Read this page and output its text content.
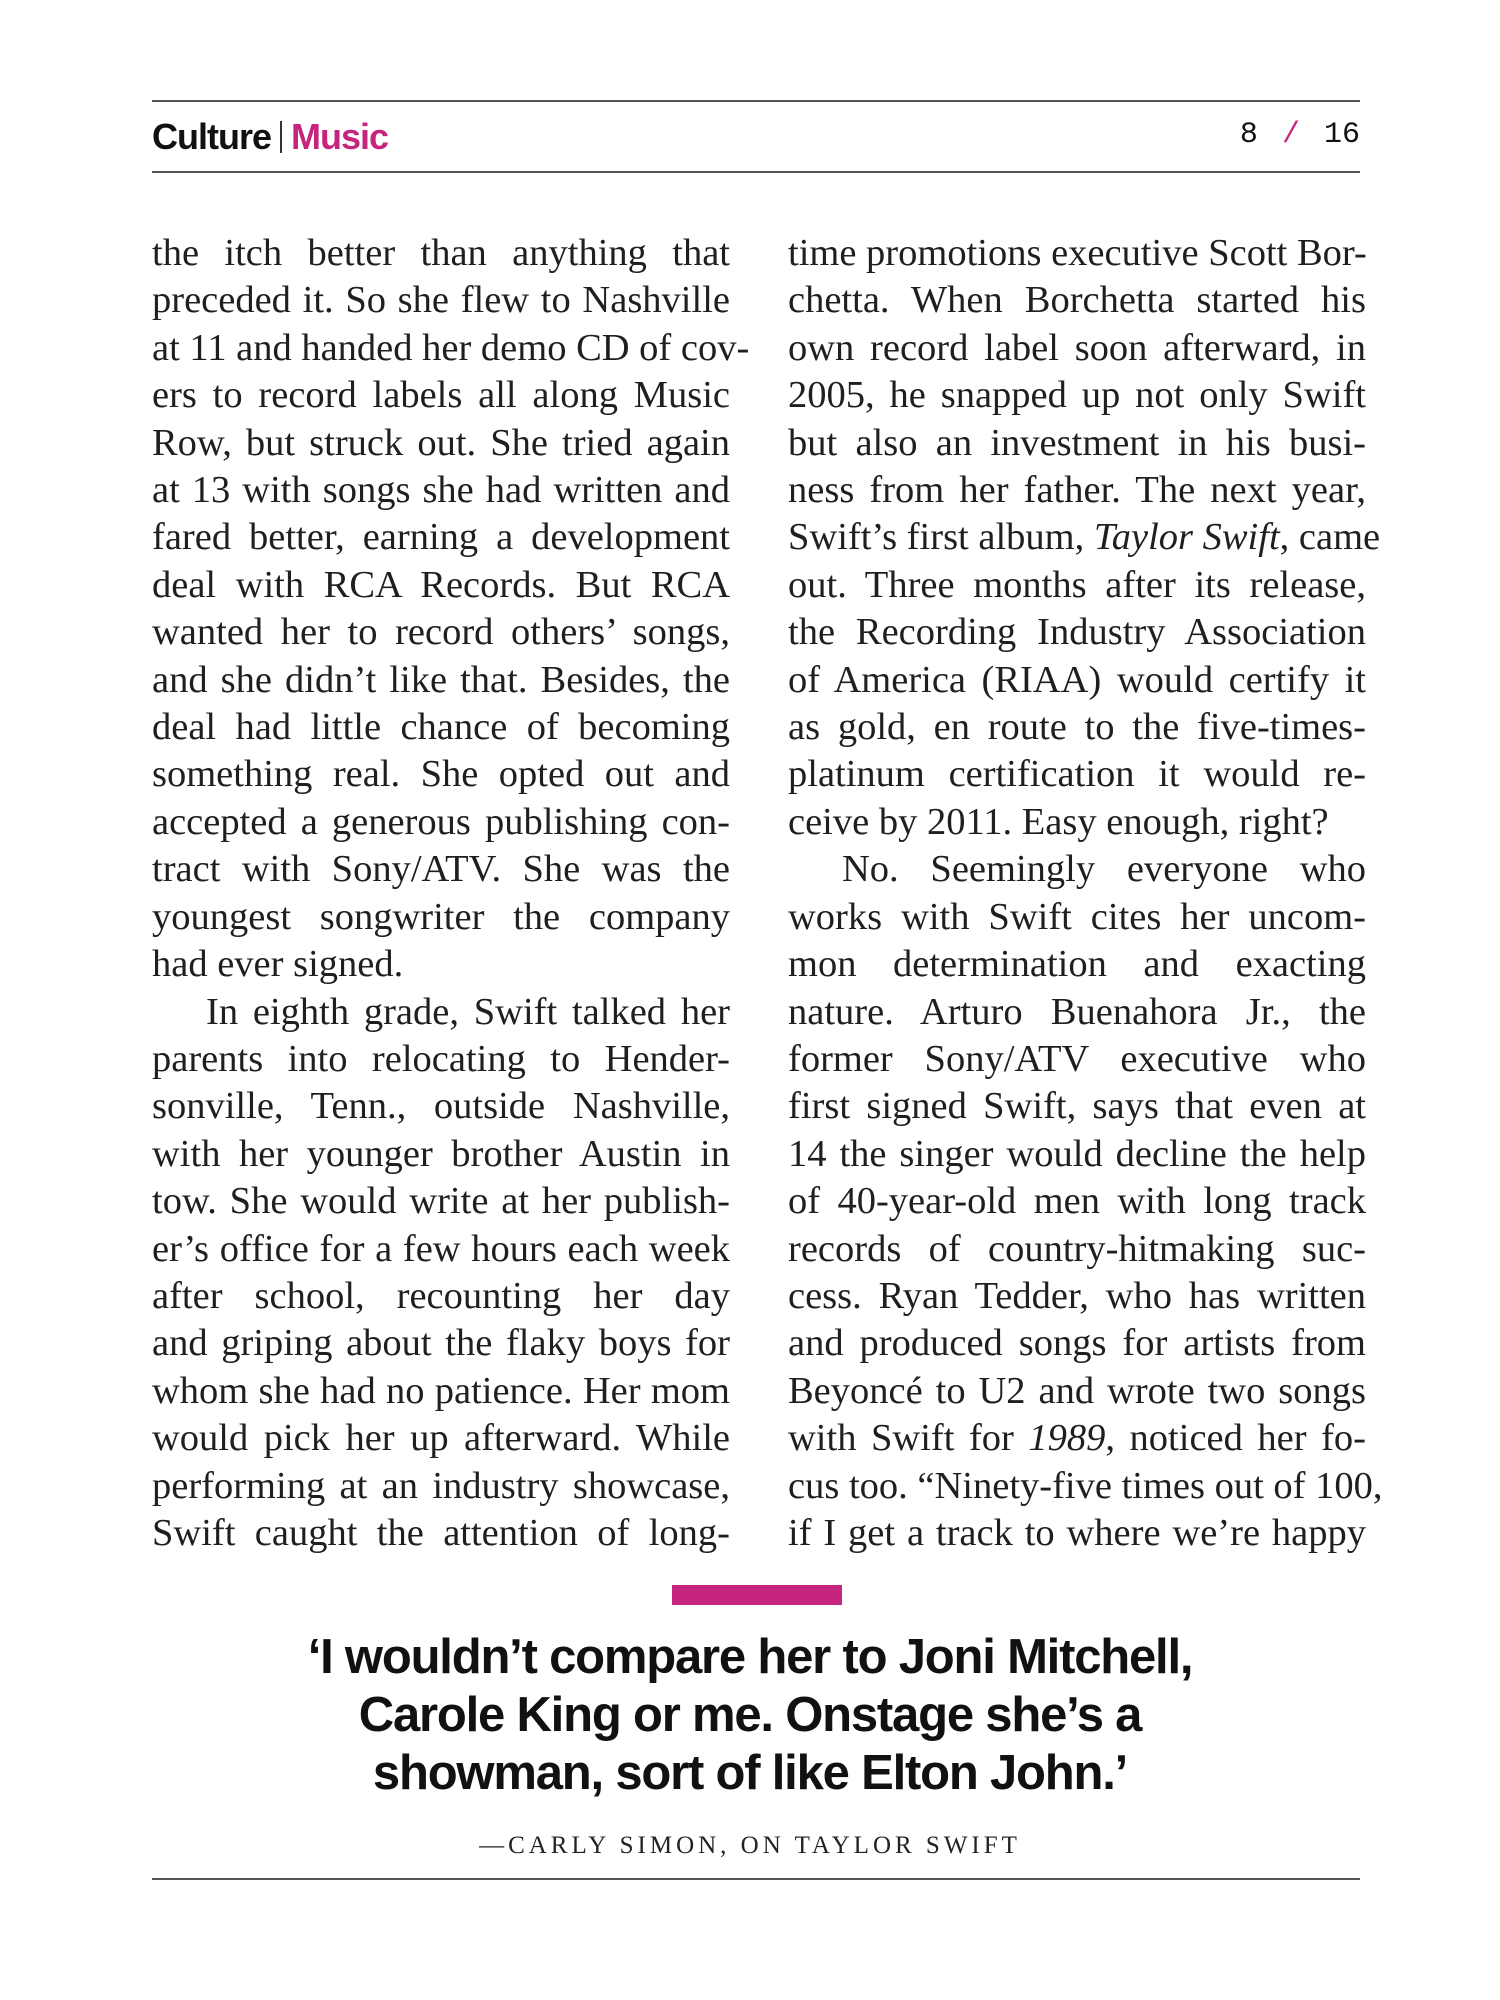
Culture Music	8 / 16
the itch better than anything that
preceded it. So she flew to Nashville
at 11 and handed her demo CD of cov-
ers to record labels all along Music
Row, but struck out. She tried again
at 13 with songs she had written and
fared better, earning a development
deal with RCA Records. But RCA
wanted her to record others’ songs,
and she didn’t like that. Besides, the
deal had little chance of becoming
something real. She opted out and
accepted a generous publishing con-
tract with Sony/ATV. She was the
youngest songwriter the company
had ever signed.
In eighth grade, Swift talked her
parents into relocating to Hender-
sonville, Tenn., outside Nashville,
with her younger brother Austin in
tow. She would write at her publish-
er’s office for a few hours each week
after school, recounting her day
and griping about the flaky boys for
whom she had no patience. Her mom
would pick her up afterward. While
performing at an industry showcase,
Swift caught the attention of long-
time promotions executive Scott Bor-
chetta. When Borchetta started his
own record label soon afterward, in
2005, he snapped up not only Swift
but also an investment in his busi-
ness from her father. The next year,
Swift’s first album, Taylor Swift, came
out. Three months after its release,
the Recording Industry Association
of America (RIAA) would certify it
as gold, en route to the five-times-
platinum certification it would re-
ceive by 2011. Easy enough, right?
No. Seemingly everyone who
works with Swift cites her uncom-
mon determination and exacting
nature. Arturo Buenahora Jr., the
former Sony/ATV executive who
first signed Swift, says that even at
14 the singer would decline the help
of 40-year-old men with long track
records of country-hitmaking suc-
cess. Ryan Tedder, who has written
and produced songs for artists from
Beyoncé to U2 and wrote two songs
with Swift for 1989, noticed her fo-
cus too. “Ninety-five times out of 100,
if I get a track to where we’re happy
‘I wouldn’t compare her to Joni Mitchell,
Carole King or me. Onstage she’s a
showman, sort of like Elton John.’
—CARLY SIMON, ON TAYLOR SWIFT
